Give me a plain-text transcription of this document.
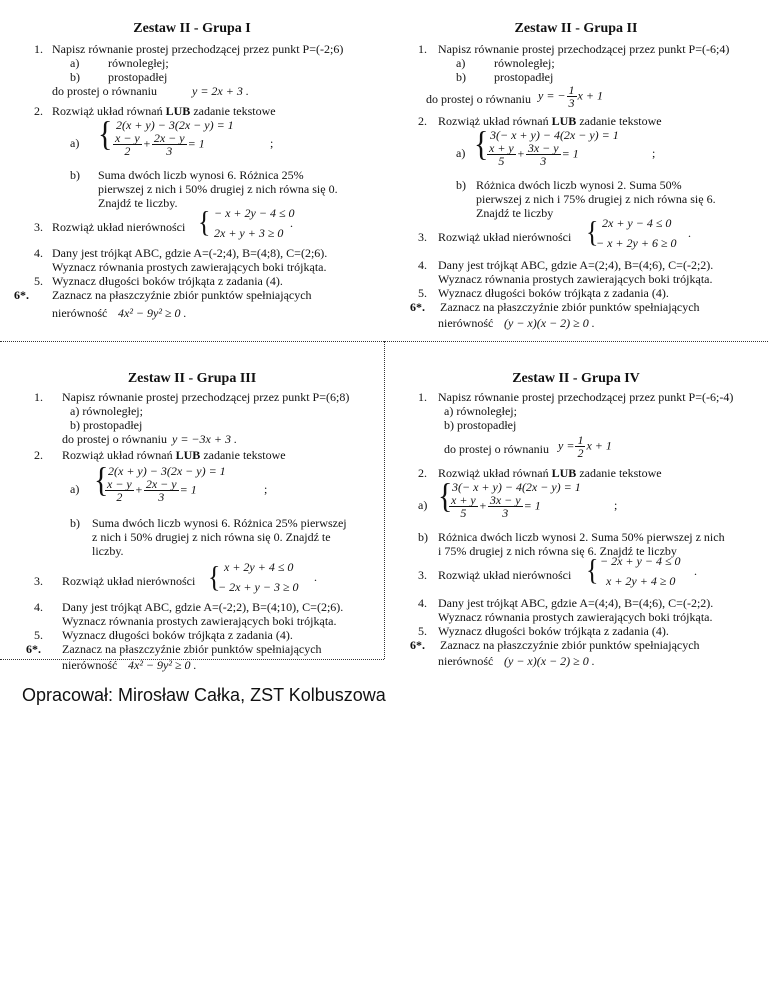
Zestaw II - Grupa I
1. Napisz równanie prostej przechodzącej przez punkt P=(-2;6)
a) równoległej;
b) prostopadłej
do prostej o równaniu	y = 2x + 3 .
2. Rozwiąż układ równań LUB zadanie tekstowe
a) { 2(x + y) − 3(2x − y) = 1
$\frac{x - y}{2} + \frac{2x - y}{3} = 1$	;
b) Suma dwóch liczb wynosi 6. Różnica 25%
pierwszej z nich i 50% drugiej z nich równa się 0.
Znajdź te liczby.
3. Rozwiąż układ nierówności { − x + 2y − 4 ≤ 0
2x + y + 3 ≥ 0
.
4. Dany jest trójkąt ABC, gdzie A=(-2;4), B=(4;8), C=(2;6).
Wyznacz równania prostych zawierających boki trójkąta.
5. Wyznacz długości boków trójkąta z zadania (4).
6*. Zaznacz na płaszczyźnie zbiór punktów spełniających
nierówność 4x² − 9y² ≥ 0 .
Zestaw II - Grupa II
1. Napisz równanie prostej przechodzącej przez punkt P=(-6;4)
a) równoległej;
b) prostopadłej
do prostej o równaniu y = − $\frac{1}{3}$ x + 1
2. Rozwiąż układ równań LUB zadanie tekstowe
a) { 3(− x + y) − 4(2x − y) = 1
$\frac{x + y}{5} + \frac{3x - y}{3} = 1$	;
b) Różnica dwóch liczb wynosi 2. Suma 50%
pierwszej z nich i 75% drugiej z nich równa się 6.
Znajdź te liczby
3. Rozwiąż układ nierówności { 2x + y − 4 ≤ 0
− x + 2y + 6 ≥ 0
.
4. Dany jest trójkąt ABC, gdzie A=(2;4), B=(4;6), C=(-2;2).
Wyznacz równania prostych zawierających boki trójkąta.
5. Wyznacz długości boków trójkąta z zadania (4).
6*. Zaznacz na płaszczyźnie zbiór punktów spełniających
nierówność (y − x)(x − 2) ≥ 0 .
Zestaw II - Grupa III
1. Napisz równanie prostej przechodzącej przez punkt P=(6;8)
a) równoległej;
b) prostopadłej
do prostej o równaniu y = −3x + 3 .
2. Rozwiąż układ równań LUB zadanie tekstowe
a) { 2(x + y) − 3(2x − y) = 1
$\frac{x - y}{2} + \frac{2x - y}{3} = 1$	;
b) Suma dwóch liczb wynosi 6. Różnica 25% pierwszej
z nich i 50% drugiej z nich równa się 0. Znajdź te
liczby.
3. Rozwiąż układ nierówności { x + 2y + 4 ≤ 0
− 2x + y − 3 ≥ 0
.
4. Dany jest trójkąt ABC, gdzie A=(-2;2), B=(4;10), C=(2;6).
Wyznacz równania prostych zawierających boki trójkąta.
5. Wyznacz długości boków trójkąta z zadania (4).
6*. Zaznacz na płaszczyźnie zbiór punktów spełniających
nierówność 4x² − 9y² ≥ 0 .
Zestaw II - Grupa IV
1. Napisz równanie prostej przechodzącej przez punkt P=(-6;-4)
a) równoległej;
b) prostopadłej
do prostej o równaniu $y = \frac{1}{2}$ x + 1
2. Rozwiąż układ równań LUB zadanie tekstowe
a) { 3(− x + y) − 4(2x − y) = 1
$\frac{x + y}{5} + \frac{3x - y}{3} = 1$	;
b) Różnica dwóch liczb wynosi 2. Suma 50% pierwszej z nich
i 75% drugiej z nich równa się 6. Znajdź te liczby
3. Rozwiąż układ nierówności { − 2x + y − 4 ≤ 0
x + 2y + 4 ≥ 0
.
4. Dany jest trójkąt ABC, gdzie A=(4;4), B=(4;6), C=(-2;2).
Wyznacz równania prostych zawierających boki trójkąta.
5. Wyznacz długości boków trójkąta z zadania (4).
6*. Zaznacz na płaszczyźnie zbiór punktów spełniających
nierówność (y − x)(x − 2) ≥ 0 .
Opracował: Mirosław Całka, ZST Kolbuszowa
